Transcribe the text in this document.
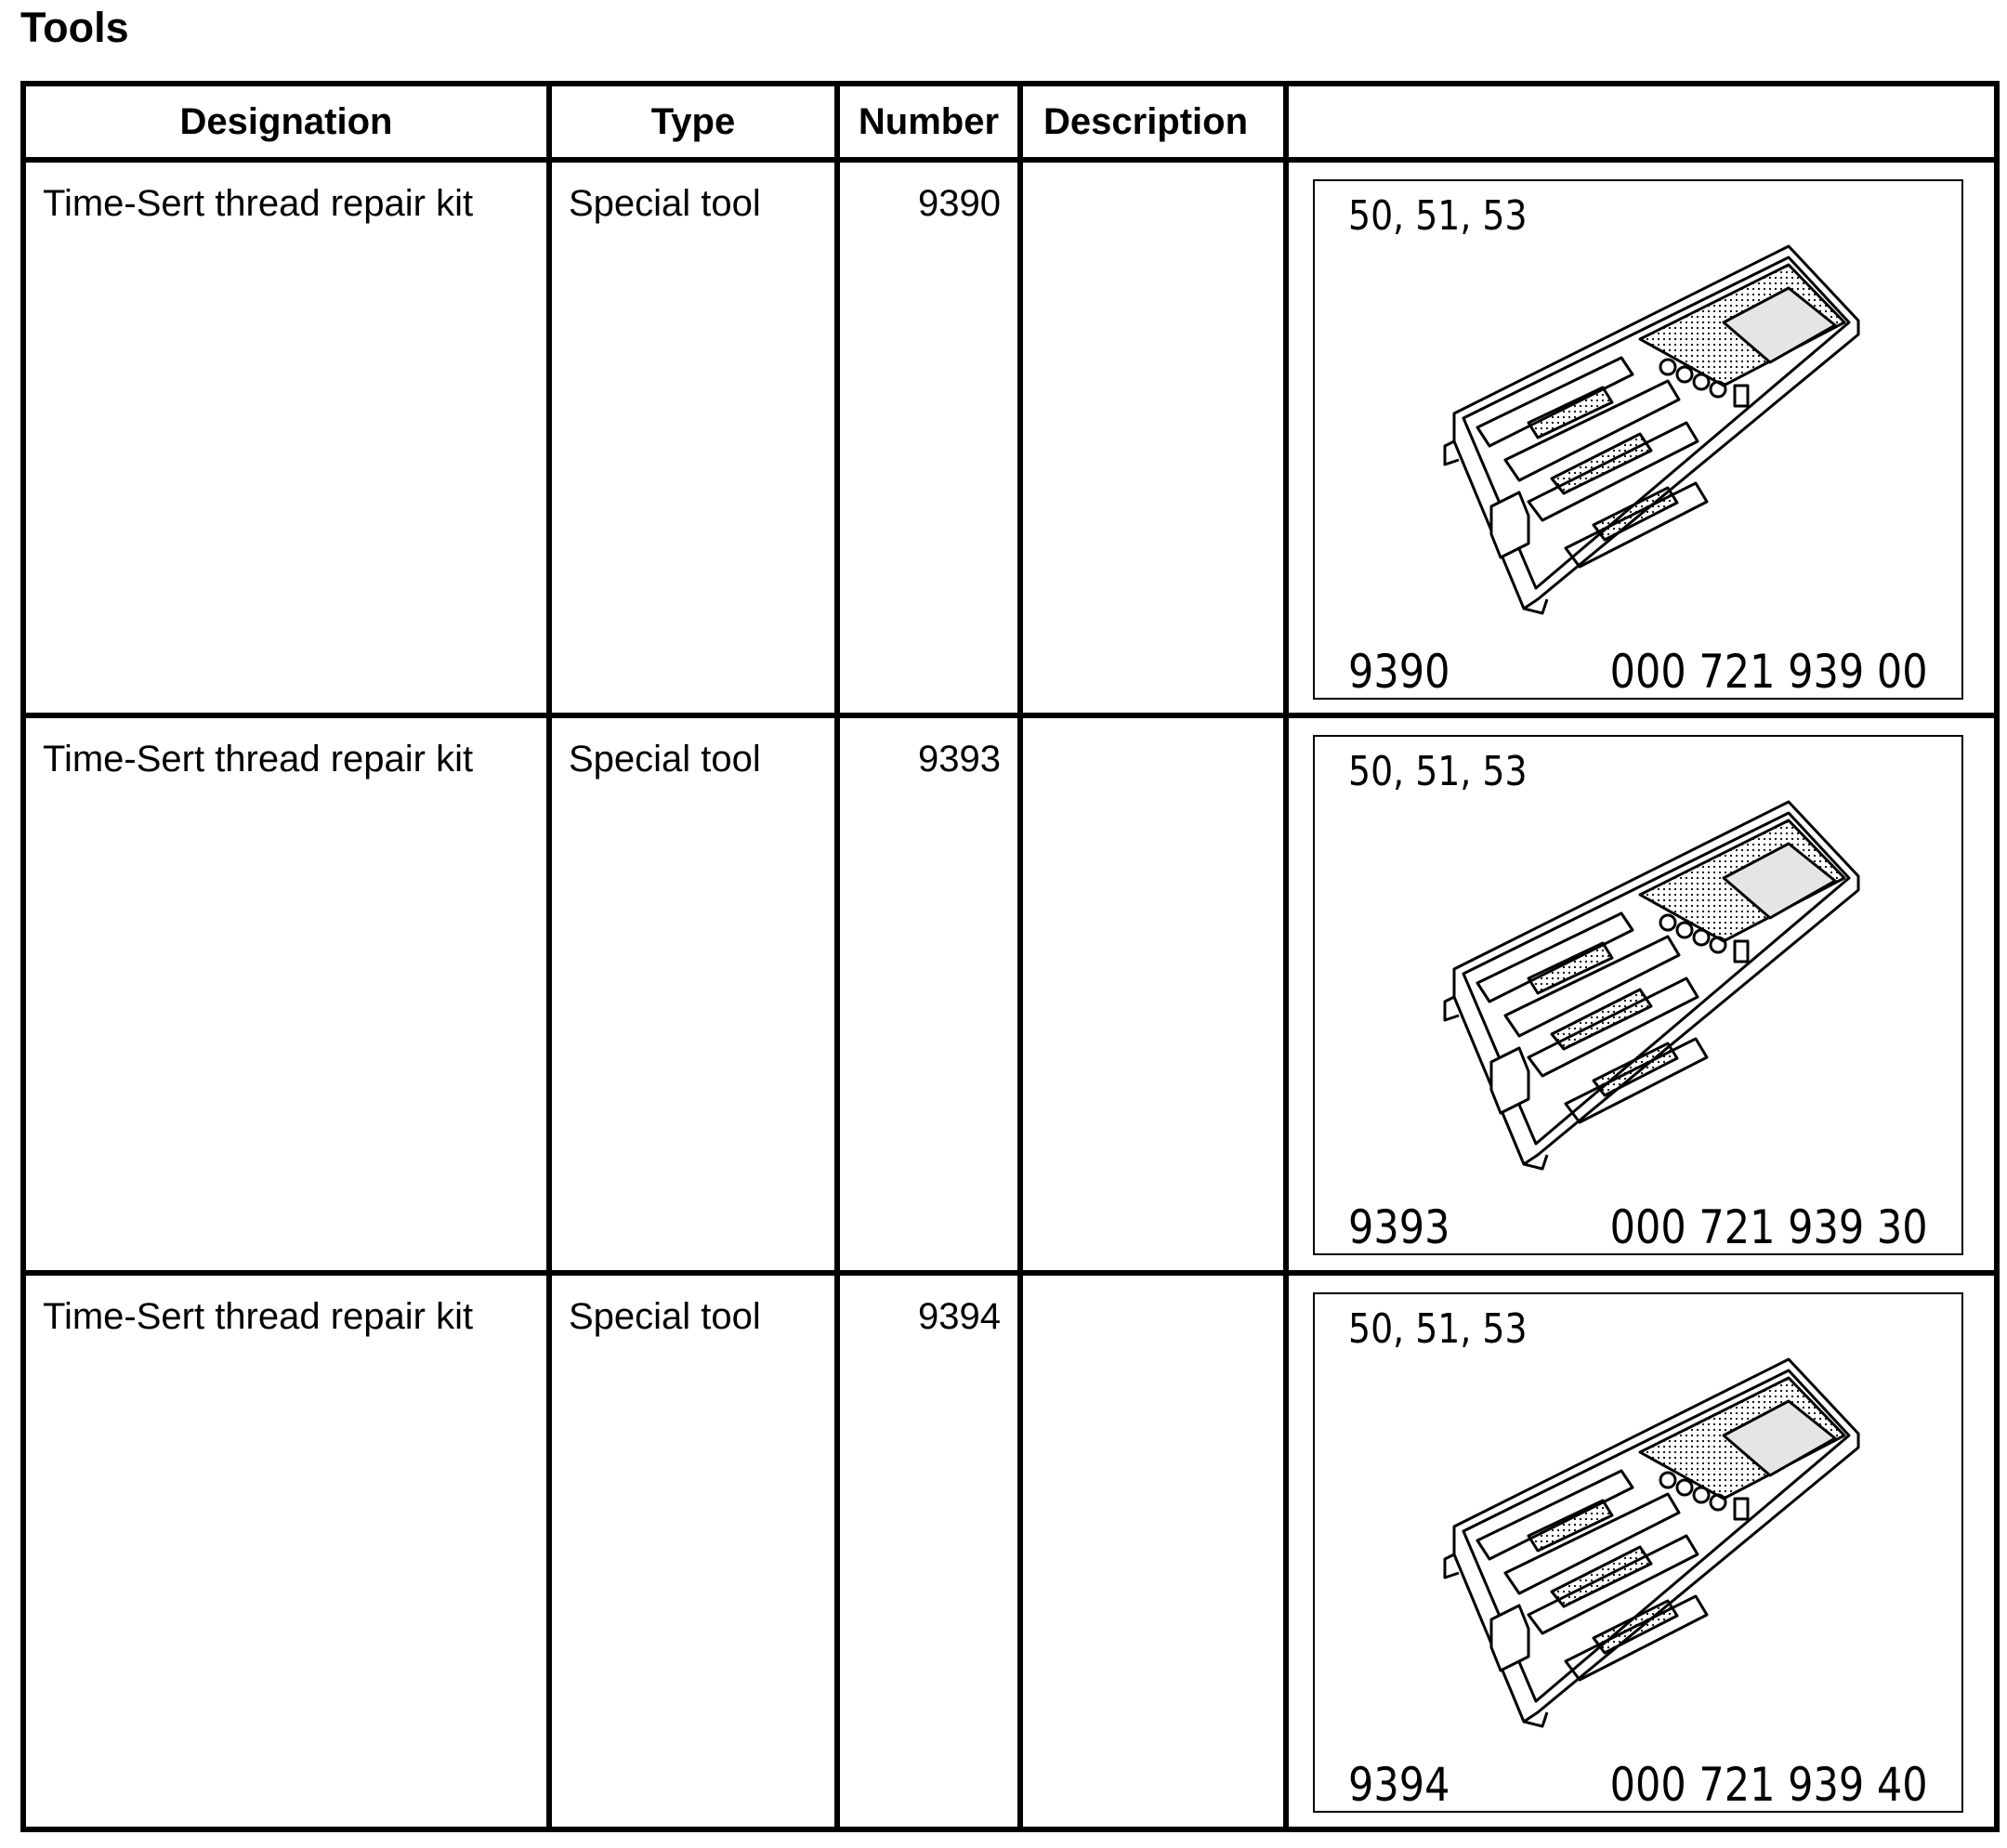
Tools
Designation	Type	Number	Description	

Time-Sert thread repair kit	Special tool	9390		50, 51, 53
9390 000 721 939 00

Time-Sert thread repair kit	Special tool	9393		50, 51, 53
9393 000 721 939 30

Time-Sert thread repair kit	Special tool	9394		50, 51, 53
9394 000 721 939 40
